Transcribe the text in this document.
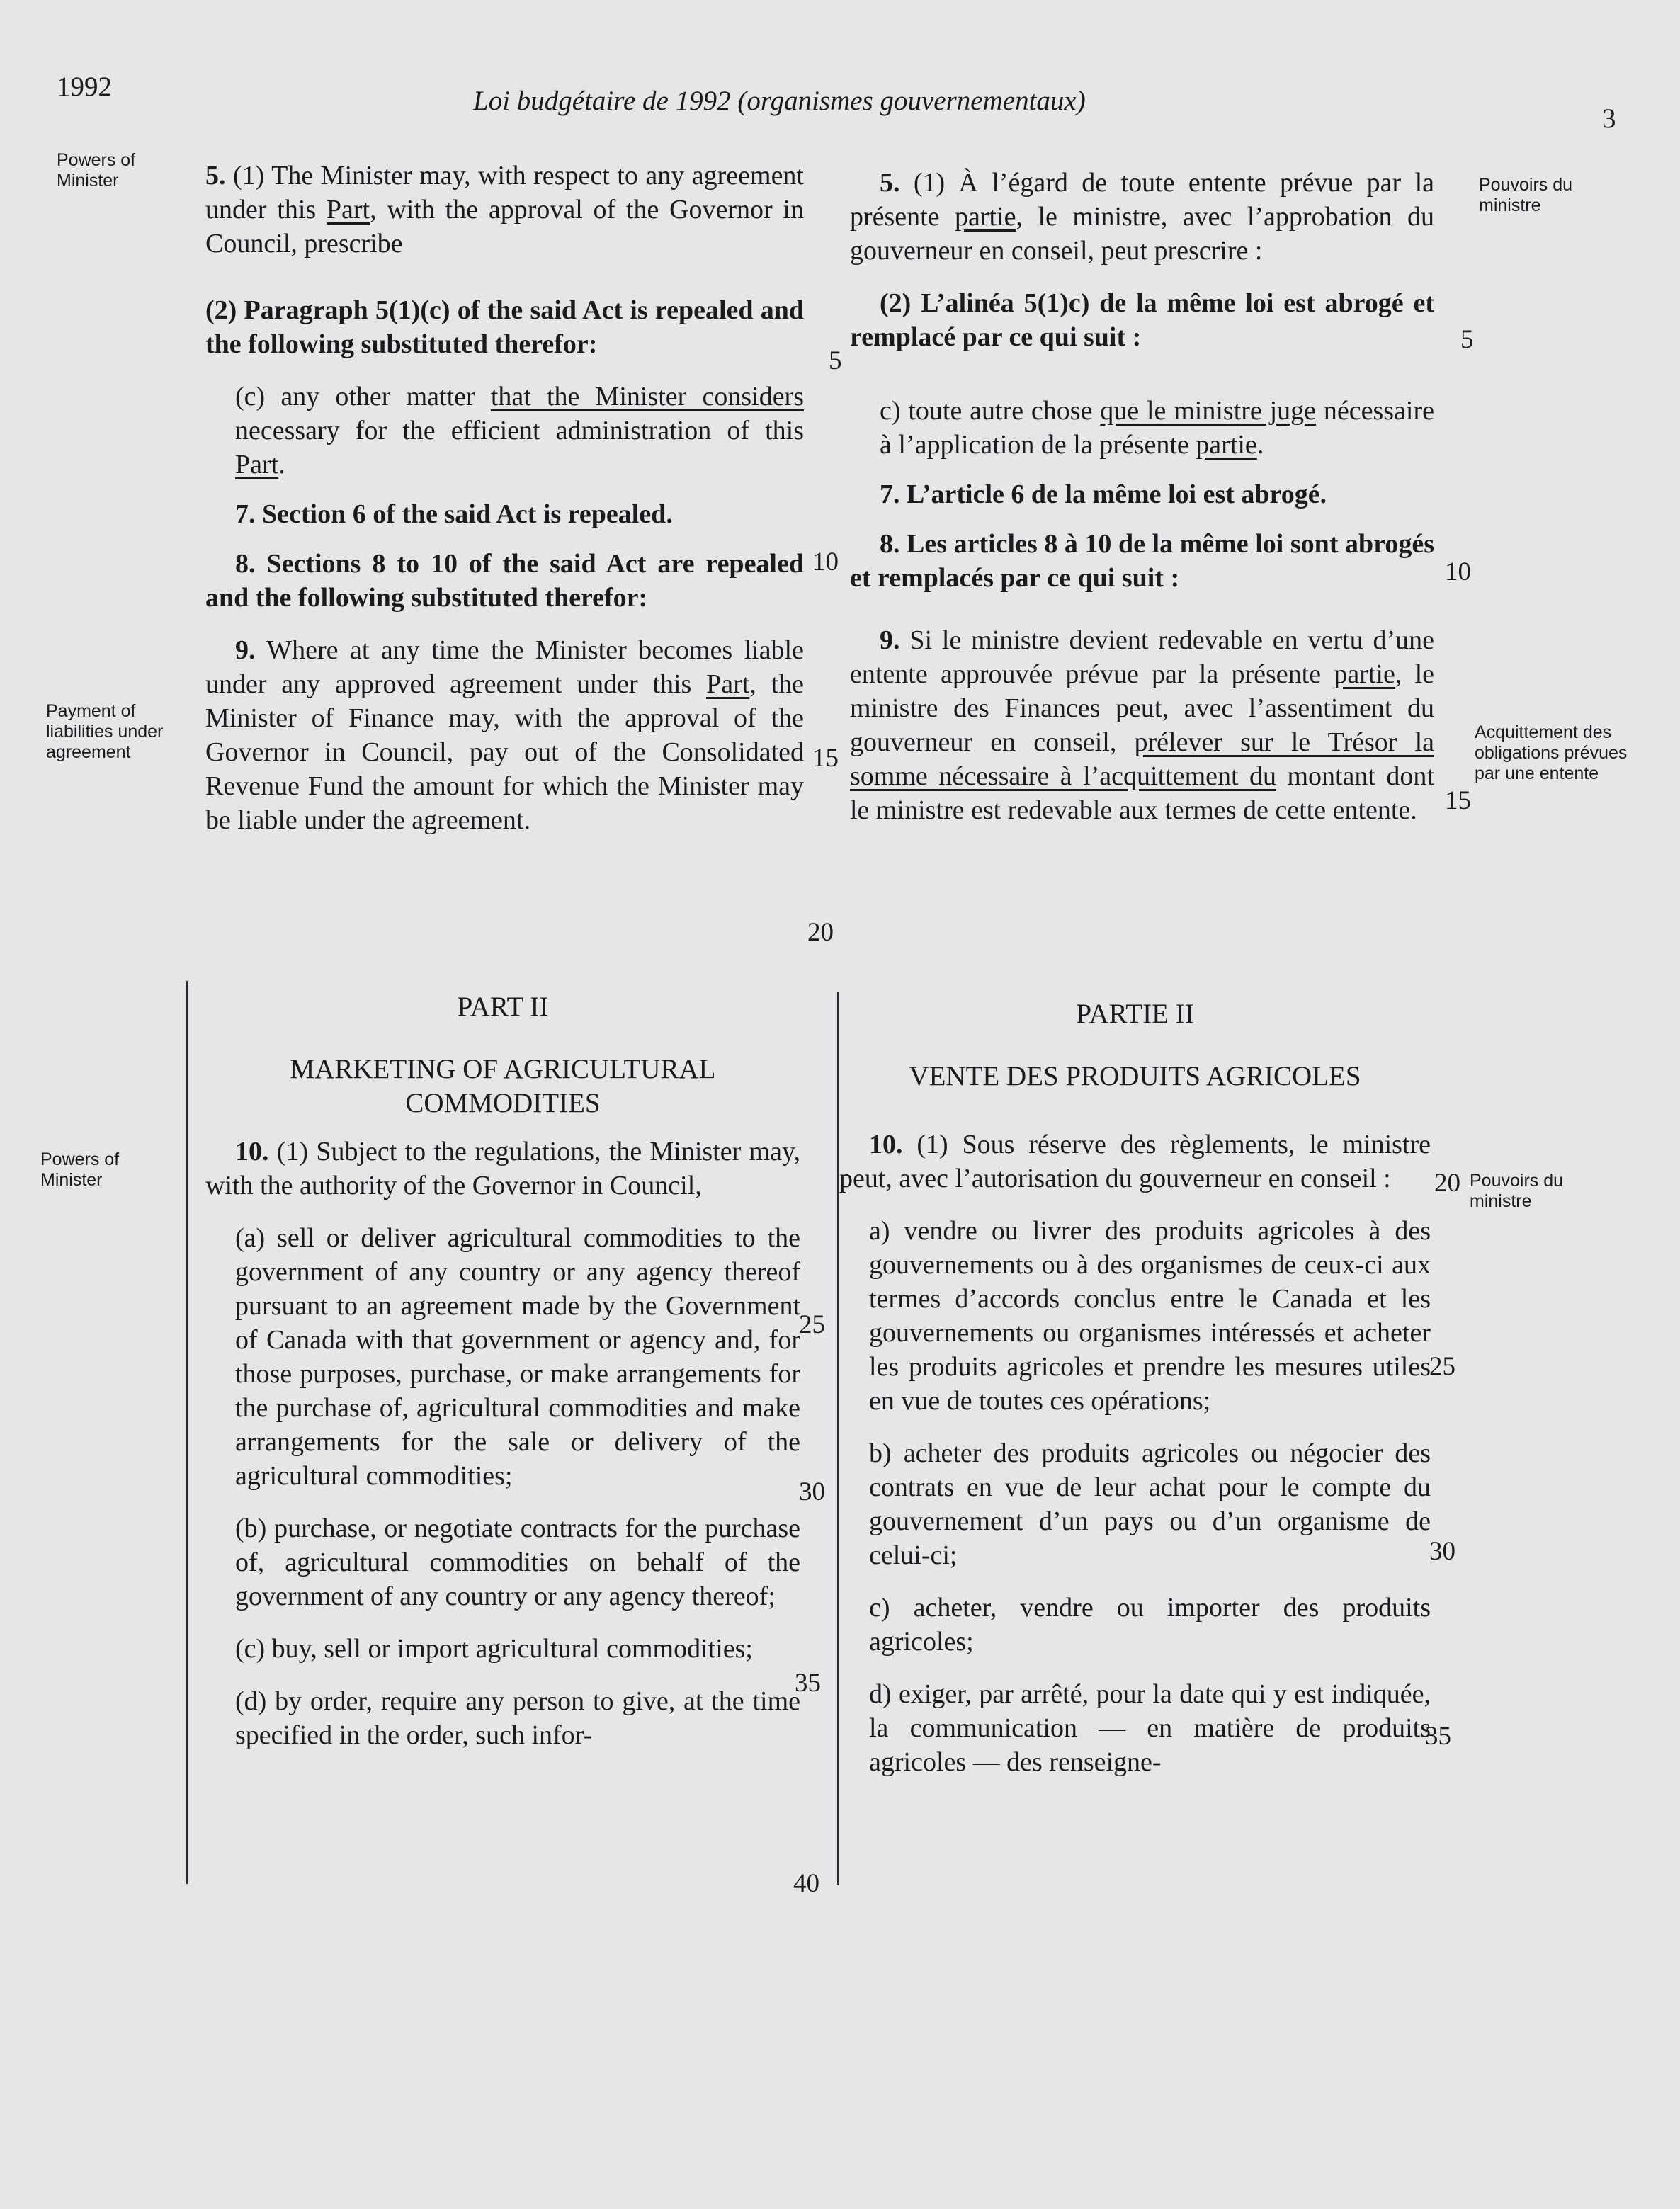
1992	Loi budgétaire de 1992 (organismes gouvernementaux)
3
Powers of Minister	Pouvoirs du ministre
Payment of liabilities under agreement
Acquittement des obligations prévues par une entente
Powers of Minister	Pouvoirs du ministre
5
5
10	10
15
15
20
20
25
25
30
30
35
35
40

5. (1) The Minister may, with respect to any agreement under this Part, with the approval of the Governor in Council, prescribe

(2) Paragraph 5(1)(c) of the said Act is repealed and the following substituted therefor:

(c) any other matter that the Minister considers necessary for the efficient administration of this Part.

7. Section 6 of the said Act is repealed.

8. Sections 8 to 10 of the said Act are repealed and the following substituted therefor:

9. Where at any time the Minister becomes liable under any approved agreement under this Part, the Minister of Finance may, with the approval of the Governor in Council, pay out of the Consolidated Revenue Fund the amount for which the Minister may be liable under the agreement.

5. (1) À l’égard de toute entente prévue par la présente partie, le ministre, avec l’approbation du gouverneur en conseil, peut prescrire :

(2) L’alinéa 5(1)c) de la même loi est abrogé et remplacé par ce qui suit :

c) toute autre chose que le ministre juge nécessaire à l’application de la présente partie.

7. L’article 6 de la même loi est abrogé.

8. Les articles 8 à 10 de la même loi sont abrogés et remplacés par ce qui suit :

9. Si le ministre devient redevable en vertu d’une entente approuvée prévue par la présente partie, le ministre des Finances peut, avec l’assentiment du gouverneur en conseil, prélever sur le Trésor la somme nécessaire à l’acquittement du montant dont le ministre est redevable aux termes de cette entente.

PART II
MARKETING OF AGRICULTURAL COMMODITIES

10. (1) Subject to the regulations, the Minister may, with the authority of the Governor in Council,

(a) sell or deliver agricultural commodities to the government of any country or any agency thereof pursuant to an agreement made by the Government of Canada with that government or agency and, for those purposes, purchase, or make arrangements for the purchase of, agricultural commodities and make arrangements for the sale or delivery of the agricultural commodities;

(b) purchase, or negotiate contracts for the purchase of, agricultural commodities on behalf of the government of any country or any agency thereof;

(c) buy, sell or import agricultural commodities;

(d) by order, require any person to give, at the time specified in the order, such infor-

PARTIE II
VENTE DES PRODUITS AGRICOLES

10. (1) Sous réserve des règlements, le ministre peut, avec l’autorisation du gouverneur en conseil :

a) vendre ou livrer des produits agricoles à des gouvernements ou à des organismes de ceux-ci aux termes d’accords conclus entre le Canada et les gouvernements ou organismes intéressés et acheter les produits agricoles et prendre les mesures utiles en vue de toutes ces opérations;

b) acheter des produits agricoles ou négocier des contrats en vue de leur achat pour le compte du gouvernement d’un pays ou d’un organisme de celui-ci;

c) acheter, vendre ou importer des produits agricoles;

d) exiger, par arrêté, pour la date qui y est indiquée, la communication — en matière de produits agricoles — des renseigne-
